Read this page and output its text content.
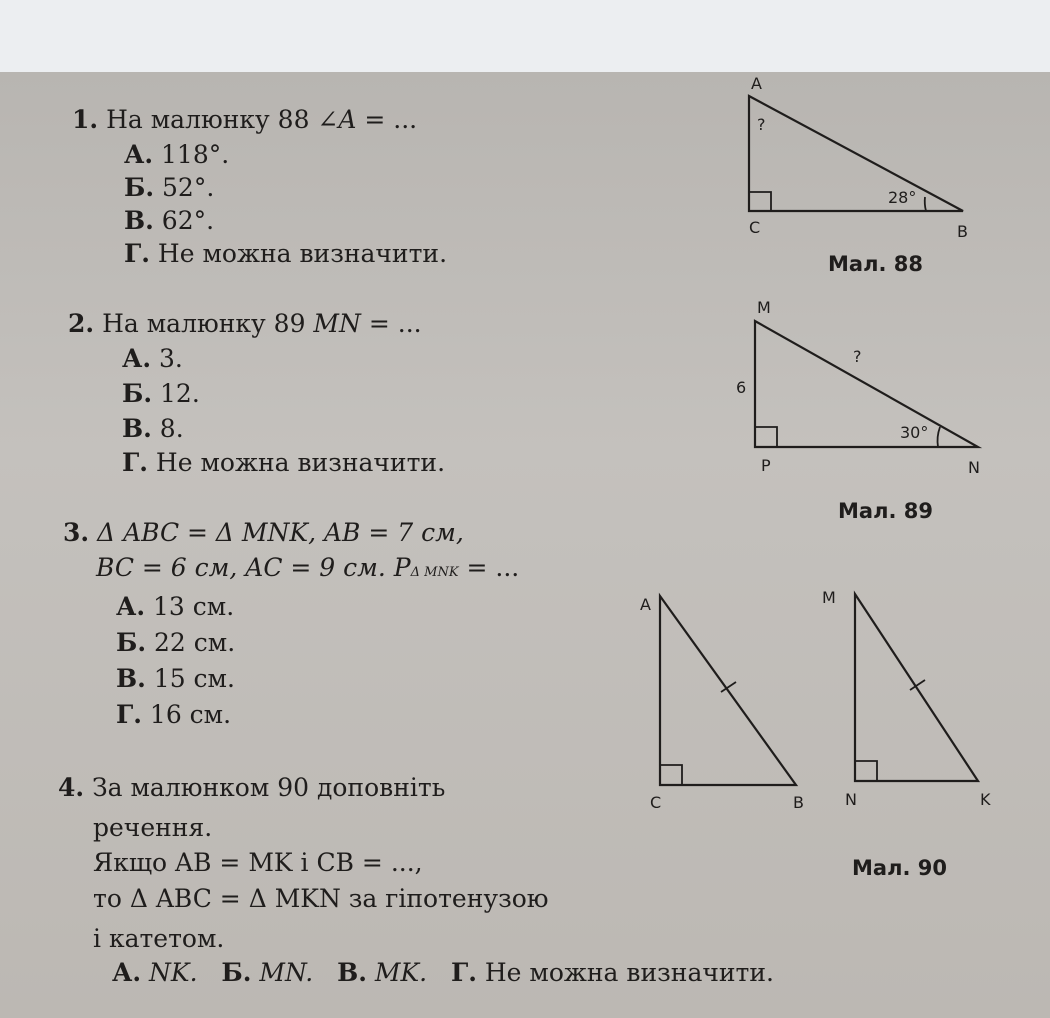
1. На малюнку 88 ∠A = ...
А. 118°.
Б. 52°.
В. 62°.
Г. Не можна визначити.
2. На малюнку 89 MN = ...
А. 3.
Б. 12.
В. 8.
Г. Не можна визначити.
3. Δ ABC = Δ MNK, AB = 7 см,
BC = 6 см, AC = 9 см. PΔ MNK = ...
А. 13 см.
Б. 22 см.
В. 15 см.
Г. 16 см.
4. За малюнком 90 доповніть
речення.
Якщо AB = MK і CB = ...,
то Δ ABC = Δ MKN за гіпотенузою
і катетом.
А. NK. Б. MN. В. MK. Г. Не можна визначити.
A
?
28°
C	B
M
?
6
30°
P	N
A
C	B
M
N	K
Мал. 88
Мал. 89
Мал. 90
